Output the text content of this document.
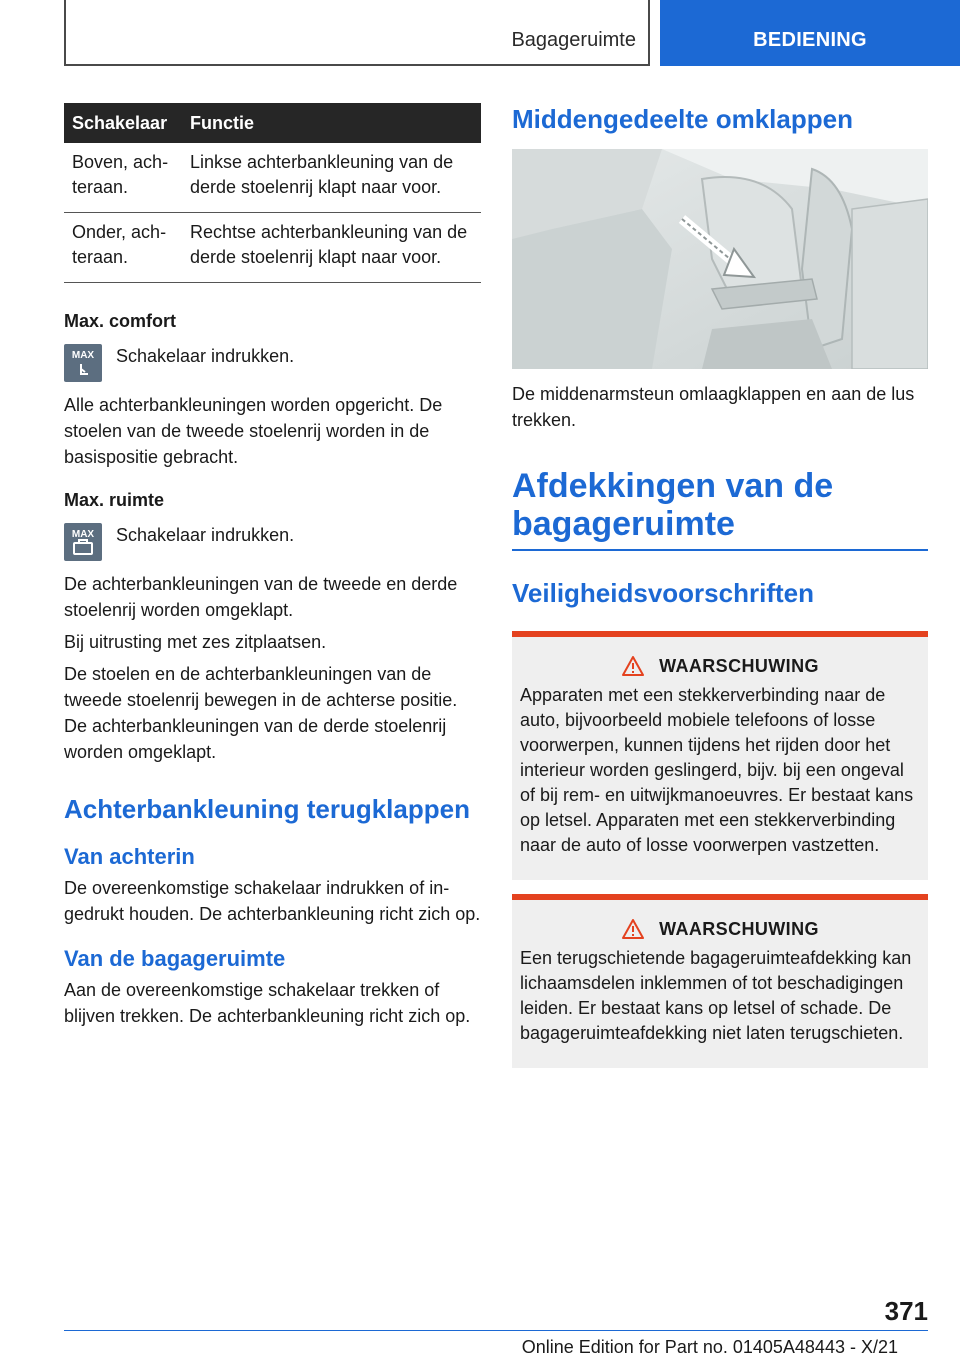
Bagageruimte	BEDIENING
Schakelaar	Functie
Boven, achteraan.	Linkse achterbankleuning van de derde stoelenrij klapt naar voor.
Onder, achteraan.	Rechtse achterbankleuning van de derde stoelenrij klapt naar voor.
Max. comfort
MAX Schakelaar indrukken.

Alle achterbankleuningen worden opgericht. De stoelen van de tweede stoelenrij worden in de basispositie gebracht.

Max. ruimte
MAX Schakelaar indrukken.

De achterbankleuningen van de tweede en derde stoelenrij worden omgeklapt.

Bij uitrusting met zes zitplaatsen.

De stoelen en de achterbankleuningen van de tweede stoelenrij bewegen in de achterse positie. De achterbankleuningen van de derde stoelenrij worden omgeklapt.

Achterbankleuning terugklappen
Van achterin

De overeenkomstige schakelaar indrukken of ingedrukt houden. De achterbankleuning richt zich op.

Van de bagageruimte

Aan de overeenkomstige schakelaar trekken of blijven trekken. De achterbankleuning richt zich op.

Middengedeelte omklappen

De middenarmsteun omlaagklappen en aan de lus trekken.

Afdekkingen van de bagageruimte
Veiligheidsvoorschriften
WAARSCHUWING

Apparaten met een stekkerverbinding naar de auto, bijvoorbeeld mobiele telefoons of losse voorwerpen, kunnen tijdens het rijden door het interieur worden geslingerd, bijv. bij een ongeval of bij rem- en uitwijkmanoeuvres. Er bestaat kans op letsel. Apparaten met een stekkerverbinding naar de auto of losse voorwerpen vastzetten.

WAARSCHUWING

Een terugschietende bagageruimteafdekking kan lichaamsdelen inklemmen of tot beschadigingen leiden. Er bestaat kans op letsel of schade. De bagageruimteafdekking niet laten terugschieten.

371
Online Edition for Part no. 01405A48443 - X/21
